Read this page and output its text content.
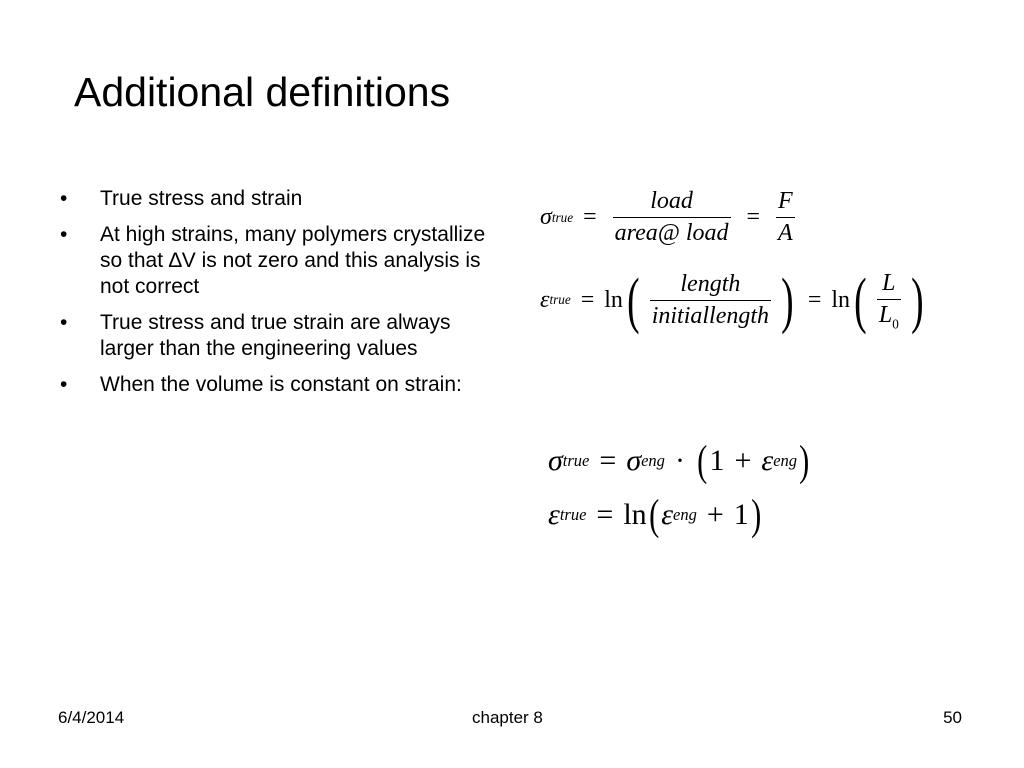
Additional definitions
• True stress and strain
• At high strains, many polymers crystallize so that ∆V is not zero and this analysis is not correct
• True stress and true strain are always larger than the engineering values
• When the volume is constant on strain:
σ true = $\frac{\text{load}}{\text{area@ load}} = \frac{F}{A}$
ε true = ln ( $\frac{\text{length}}{\text{initiallength}}$ ) = ln ( $\frac{L}{L_0}$ )
σ true = σ eng · ( 1 + ε eng )
ε true = ln ( ε eng + 1 )
6/4/2014	chapter 8	50
